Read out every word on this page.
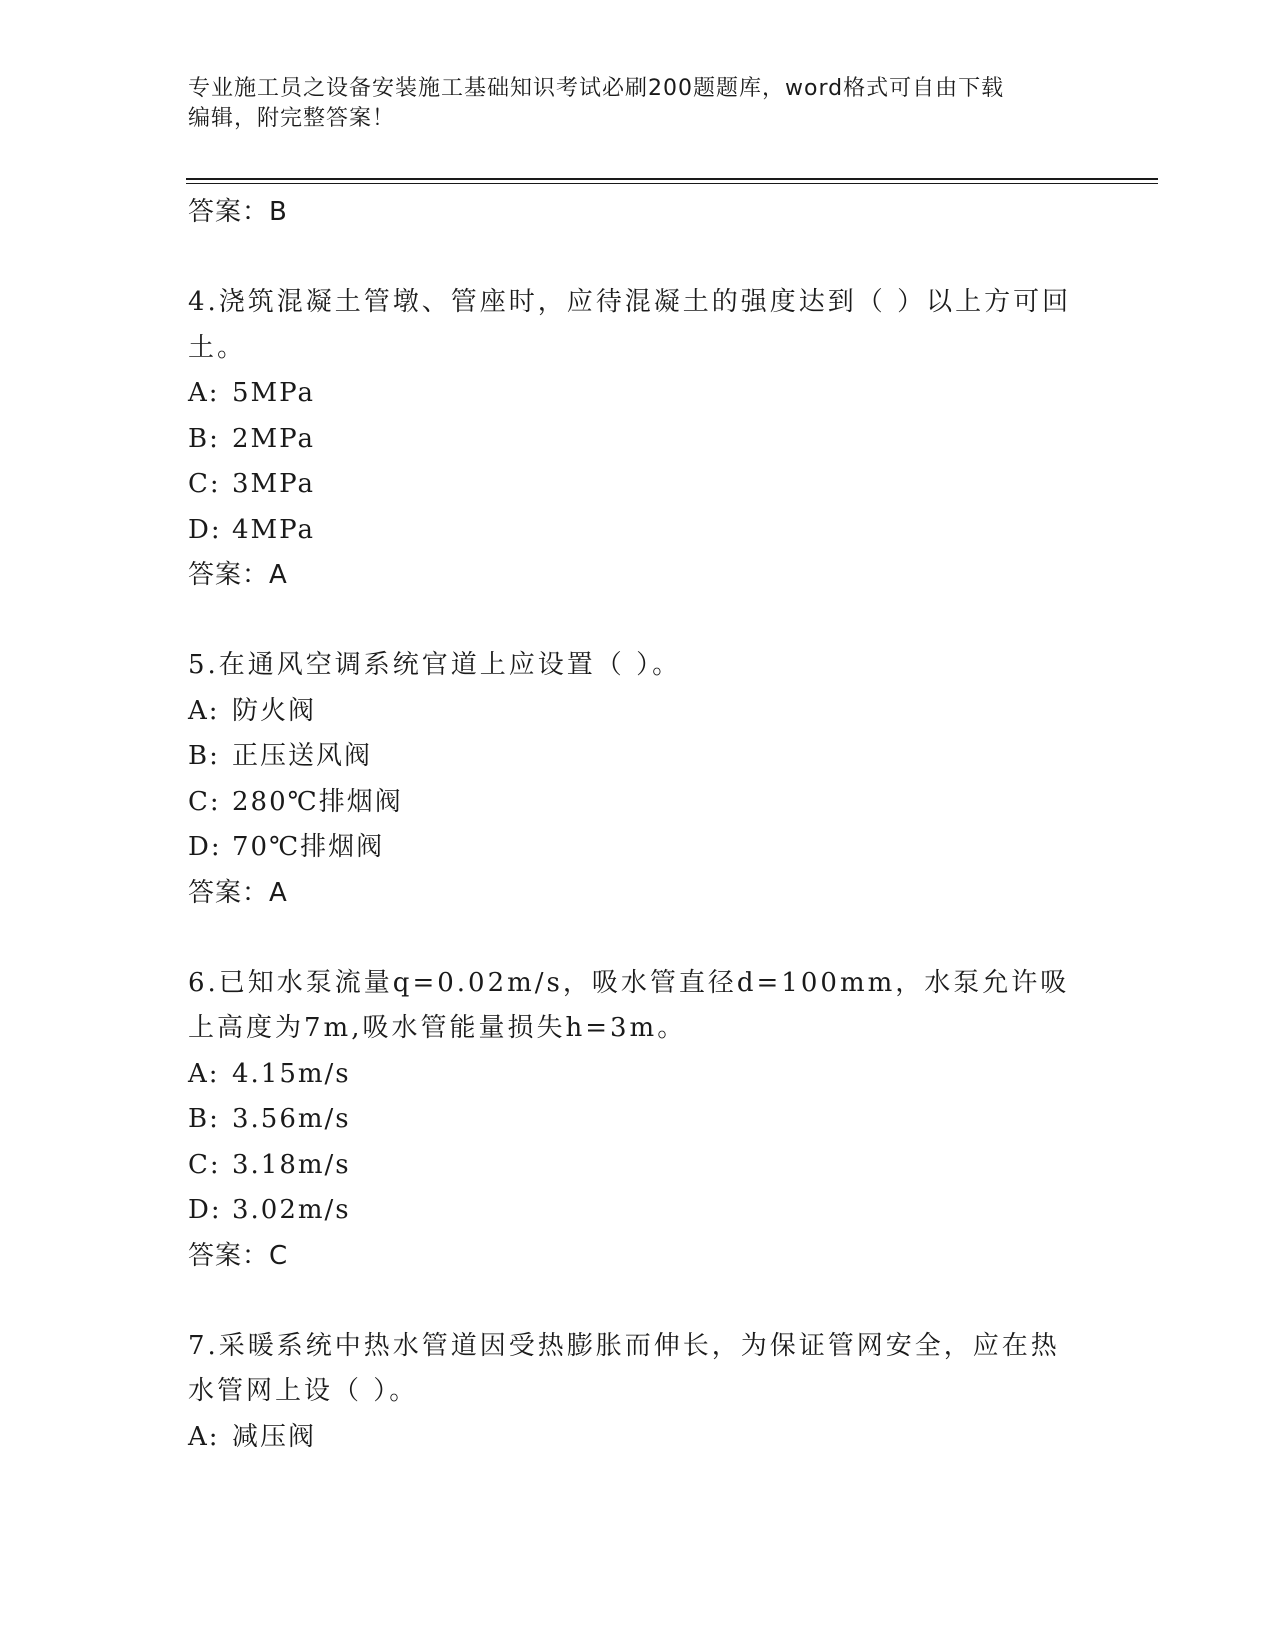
专业施工员之设备安装施工基础知识考试必刷200题题库，word格式可自由下载
编辑，附完整答案！
答案：B
4.浇筑混凝土管墩、管座时，应待混凝土的强度达到（ ）以上方可回土。
A: 5MPa
B: 2MPa
C: 3MPa
D: 4MPa
答案：A
5.在通风空调系统官道上应设置（ ）。
A: 防火阀
B: 正压送风阀
C: 280℃排烟阀
D: 70℃排烟阀
答案：A
6.已知水泵流量q=0.02m/s，吸水管直径d=100mm，水泵允许吸上高度为7m,吸水管能量损失h=3m。
A: 4.15m/s
B: 3.56m/s
C: 3.18m/s
D: 3.02m/s
答案：C
7.采暖系统中热水管道因受热膨胀而伸长，为保证管网安全，应在热水管网上设（ ）。
A: 减压阀
